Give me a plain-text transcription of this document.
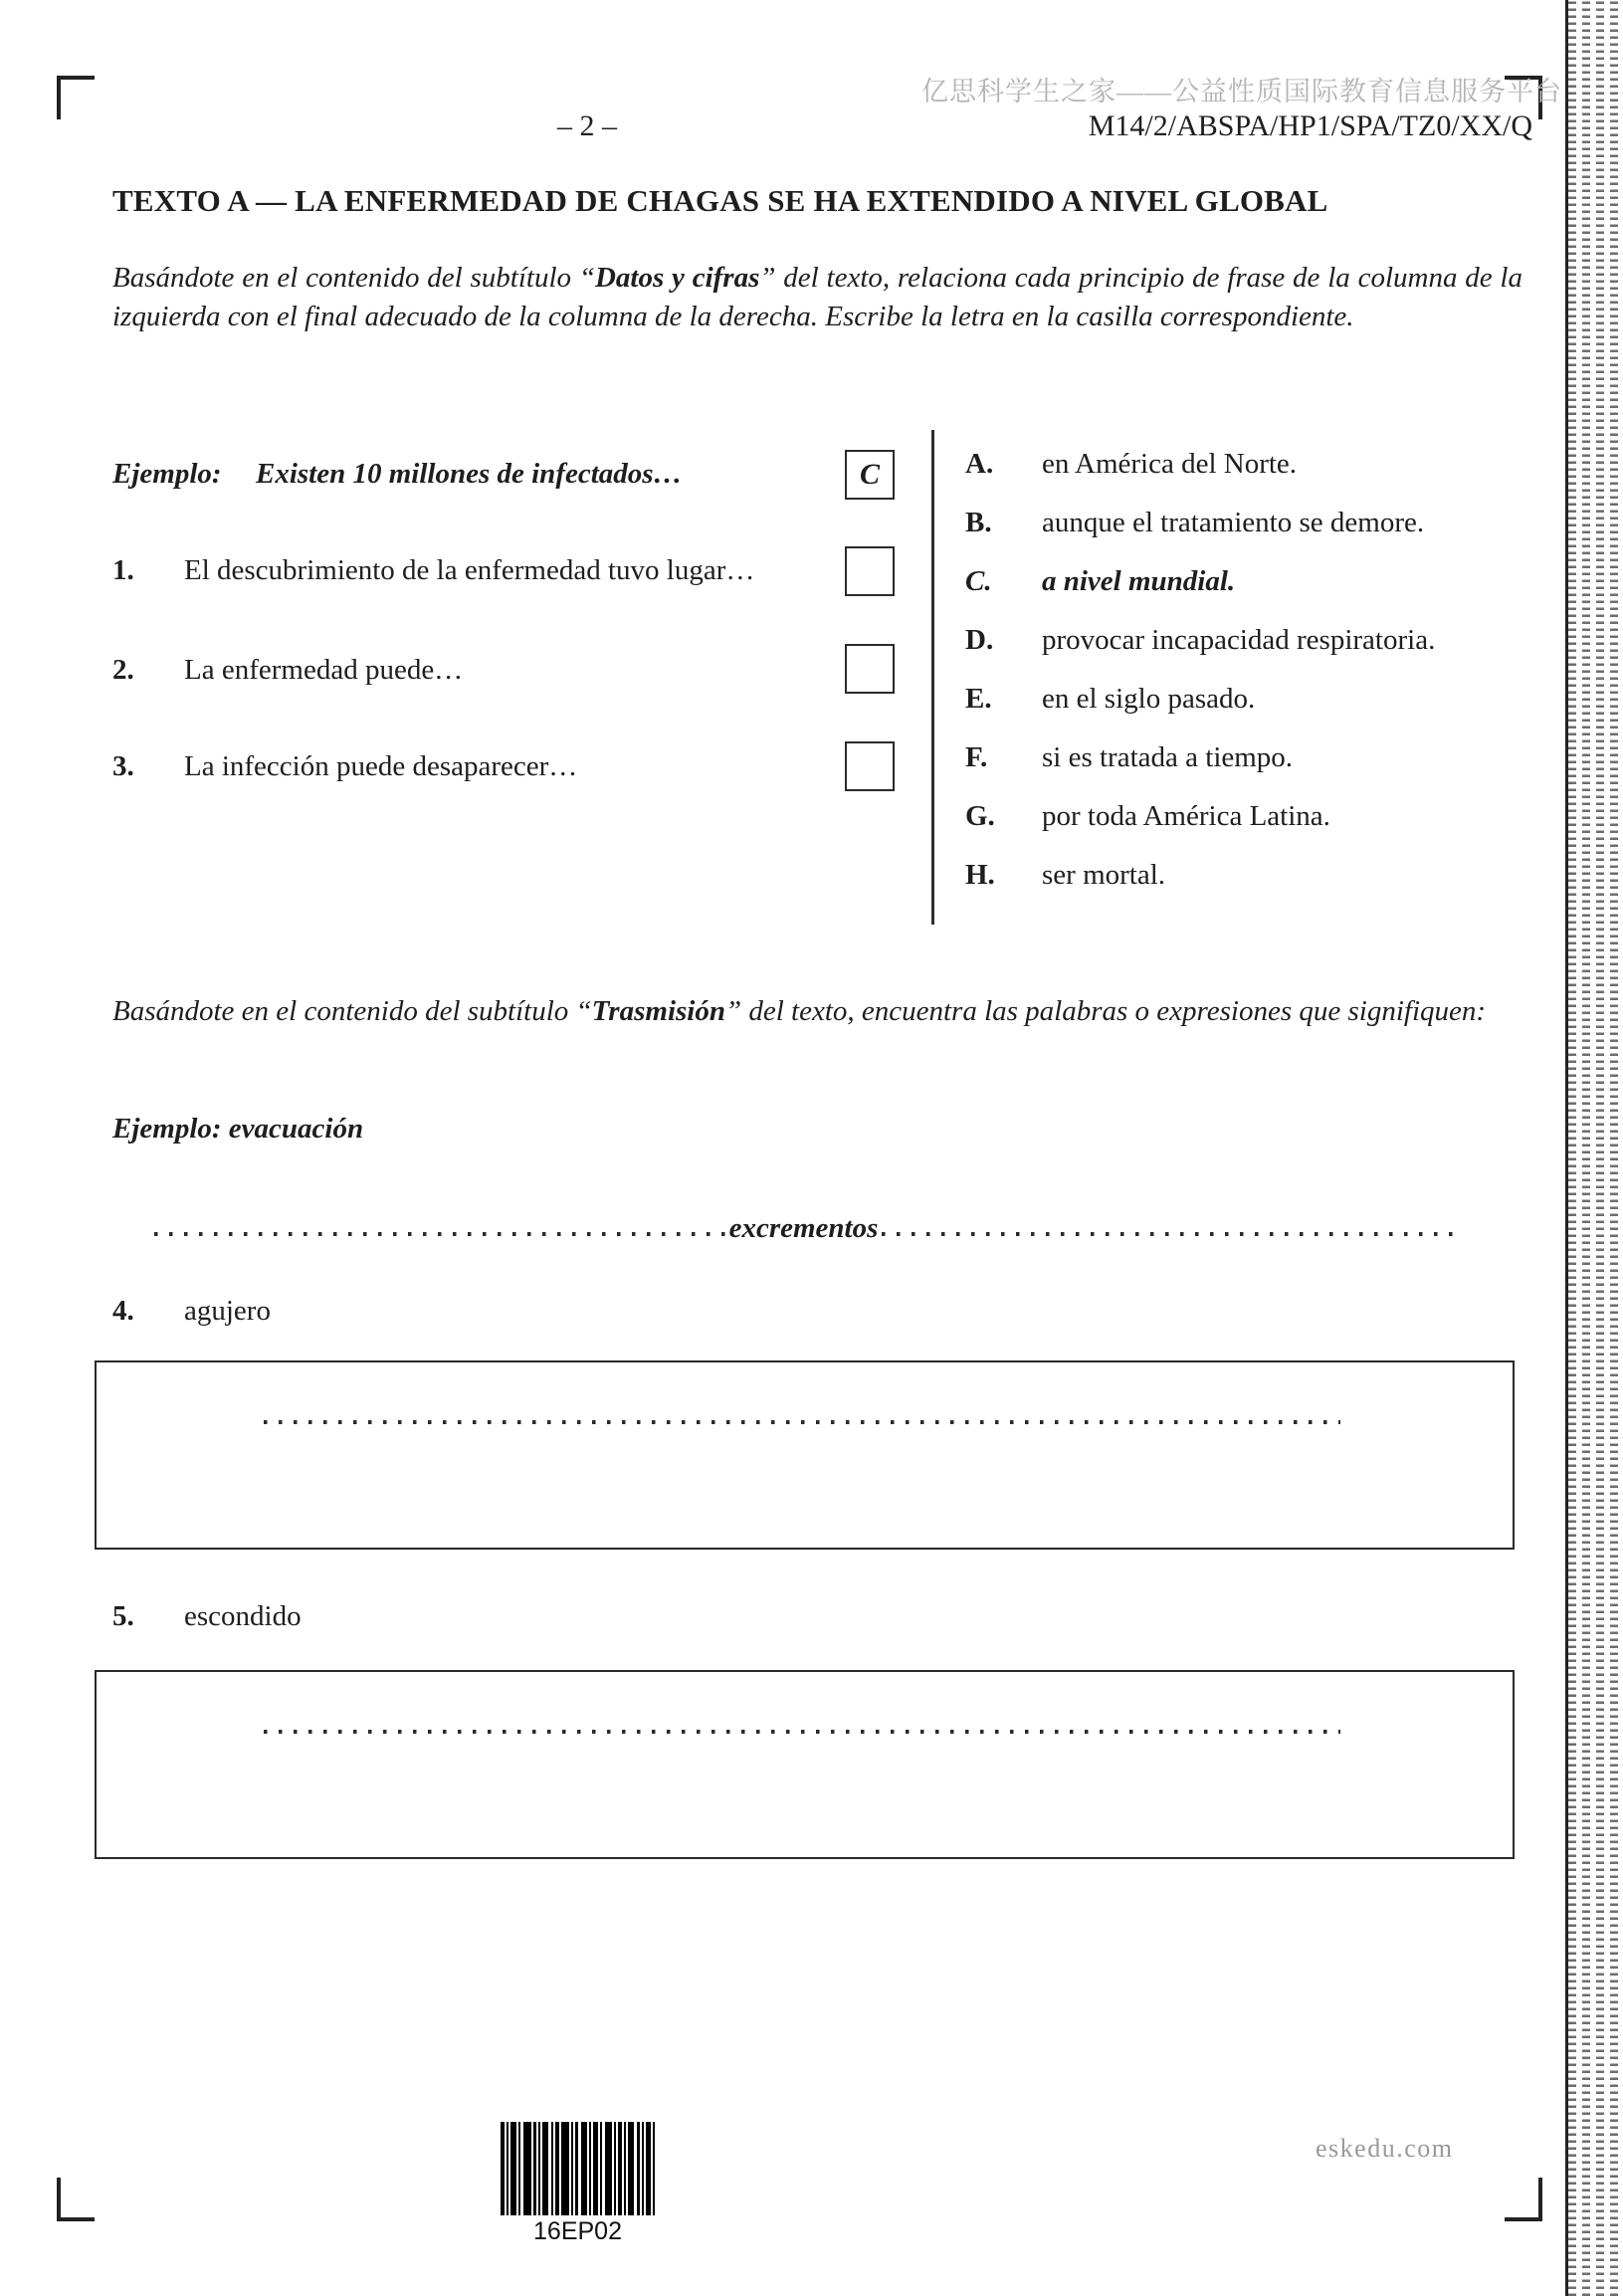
亿思科学生之家——公益性质国际教育信息服务平台
– 2 –	M14/2/ABSPA/HP1/SPA/TZ0/XX/Q
TEXTO A — LA ENFERMEDAD DE CHAGAS SE HA EXTENDIDO A NIVEL GLOBAL
Basándote en el contenido del subtítulo “Datos y cifras” del texto, relaciona cada principio de frase de la columna de la izquierda con el final adecuado de la columna de la derecha. Escribe la letra en la casilla correspondiente.
Ejemplo: Existen 10 millones de infectados…	C
1. El descubrimiento de la enfermedad tuvo lugar…
2. La enfermedad puede…
3. La infección puede desaparecer…
A. en América del Norte.
B. aunque el tratamiento se demore.
C. a nivel mundial.
D. provocar incapacidad respiratoria.
E. en el siglo pasado.
F. si es tratada a tiempo.
G. por toda América Latina.
H. ser mortal.
Basándote en el contenido del subtítulo “Trasmisión” del texto, encuentra las palabras o expresiones que signifiquen:
Ejemplo: evacuación
excrementos
4. agujero
5. escondido
16EP02
eskedu.com
